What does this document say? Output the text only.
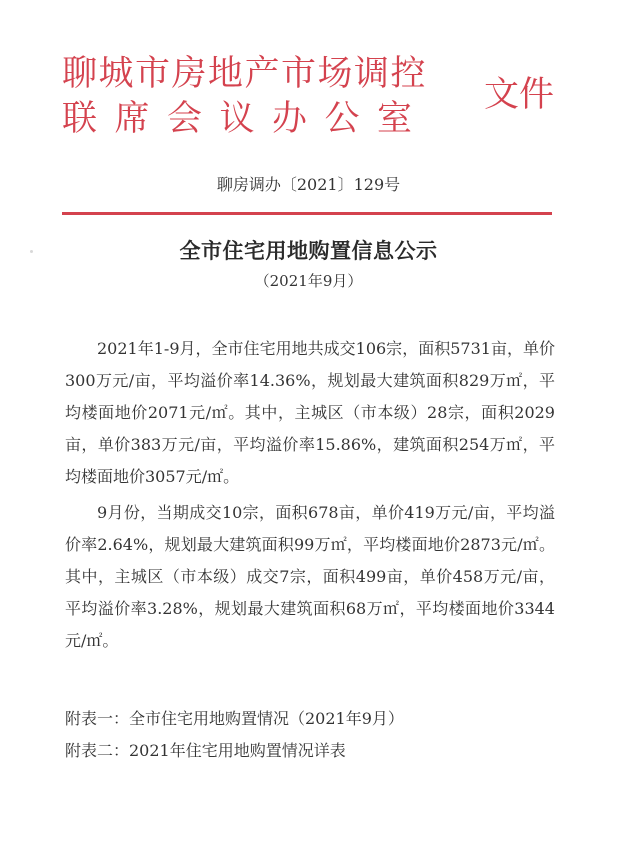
聊城市房地产市场调控
联席会议办公室
文件
聊房调办〔2021〕129号
全市住宅用地购置信息公示
（2021年9月）

2021年1-9月，全市住宅用地共成交106宗，面积5731亩，单价300万元/亩，平均溢价率14.36%，规划最大建筑面积829万㎡，平均楼面地价2071元/㎡。其中，主城区（市本级）28宗，面积2029亩，单价383万元/亩，平均溢价率15.86%，建筑面积254万㎡，平均楼面地价3057元/㎡。

9月份，当期成交10宗，面积678亩，单价419万元/亩，平均溢价率2.64%，规划最大建筑面积99万㎡，平均楼面地价2873元/㎡。其中，主城区（市本级）成交7宗，面积499亩，单价458万元/亩，平均溢价率3.28%，规划最大建筑面积68万㎡，平均楼面地价3344元/㎡。

附表一：全市住宅用地购置情况（2021年9月）

附表二：2021年住宅用地购置情况详表
